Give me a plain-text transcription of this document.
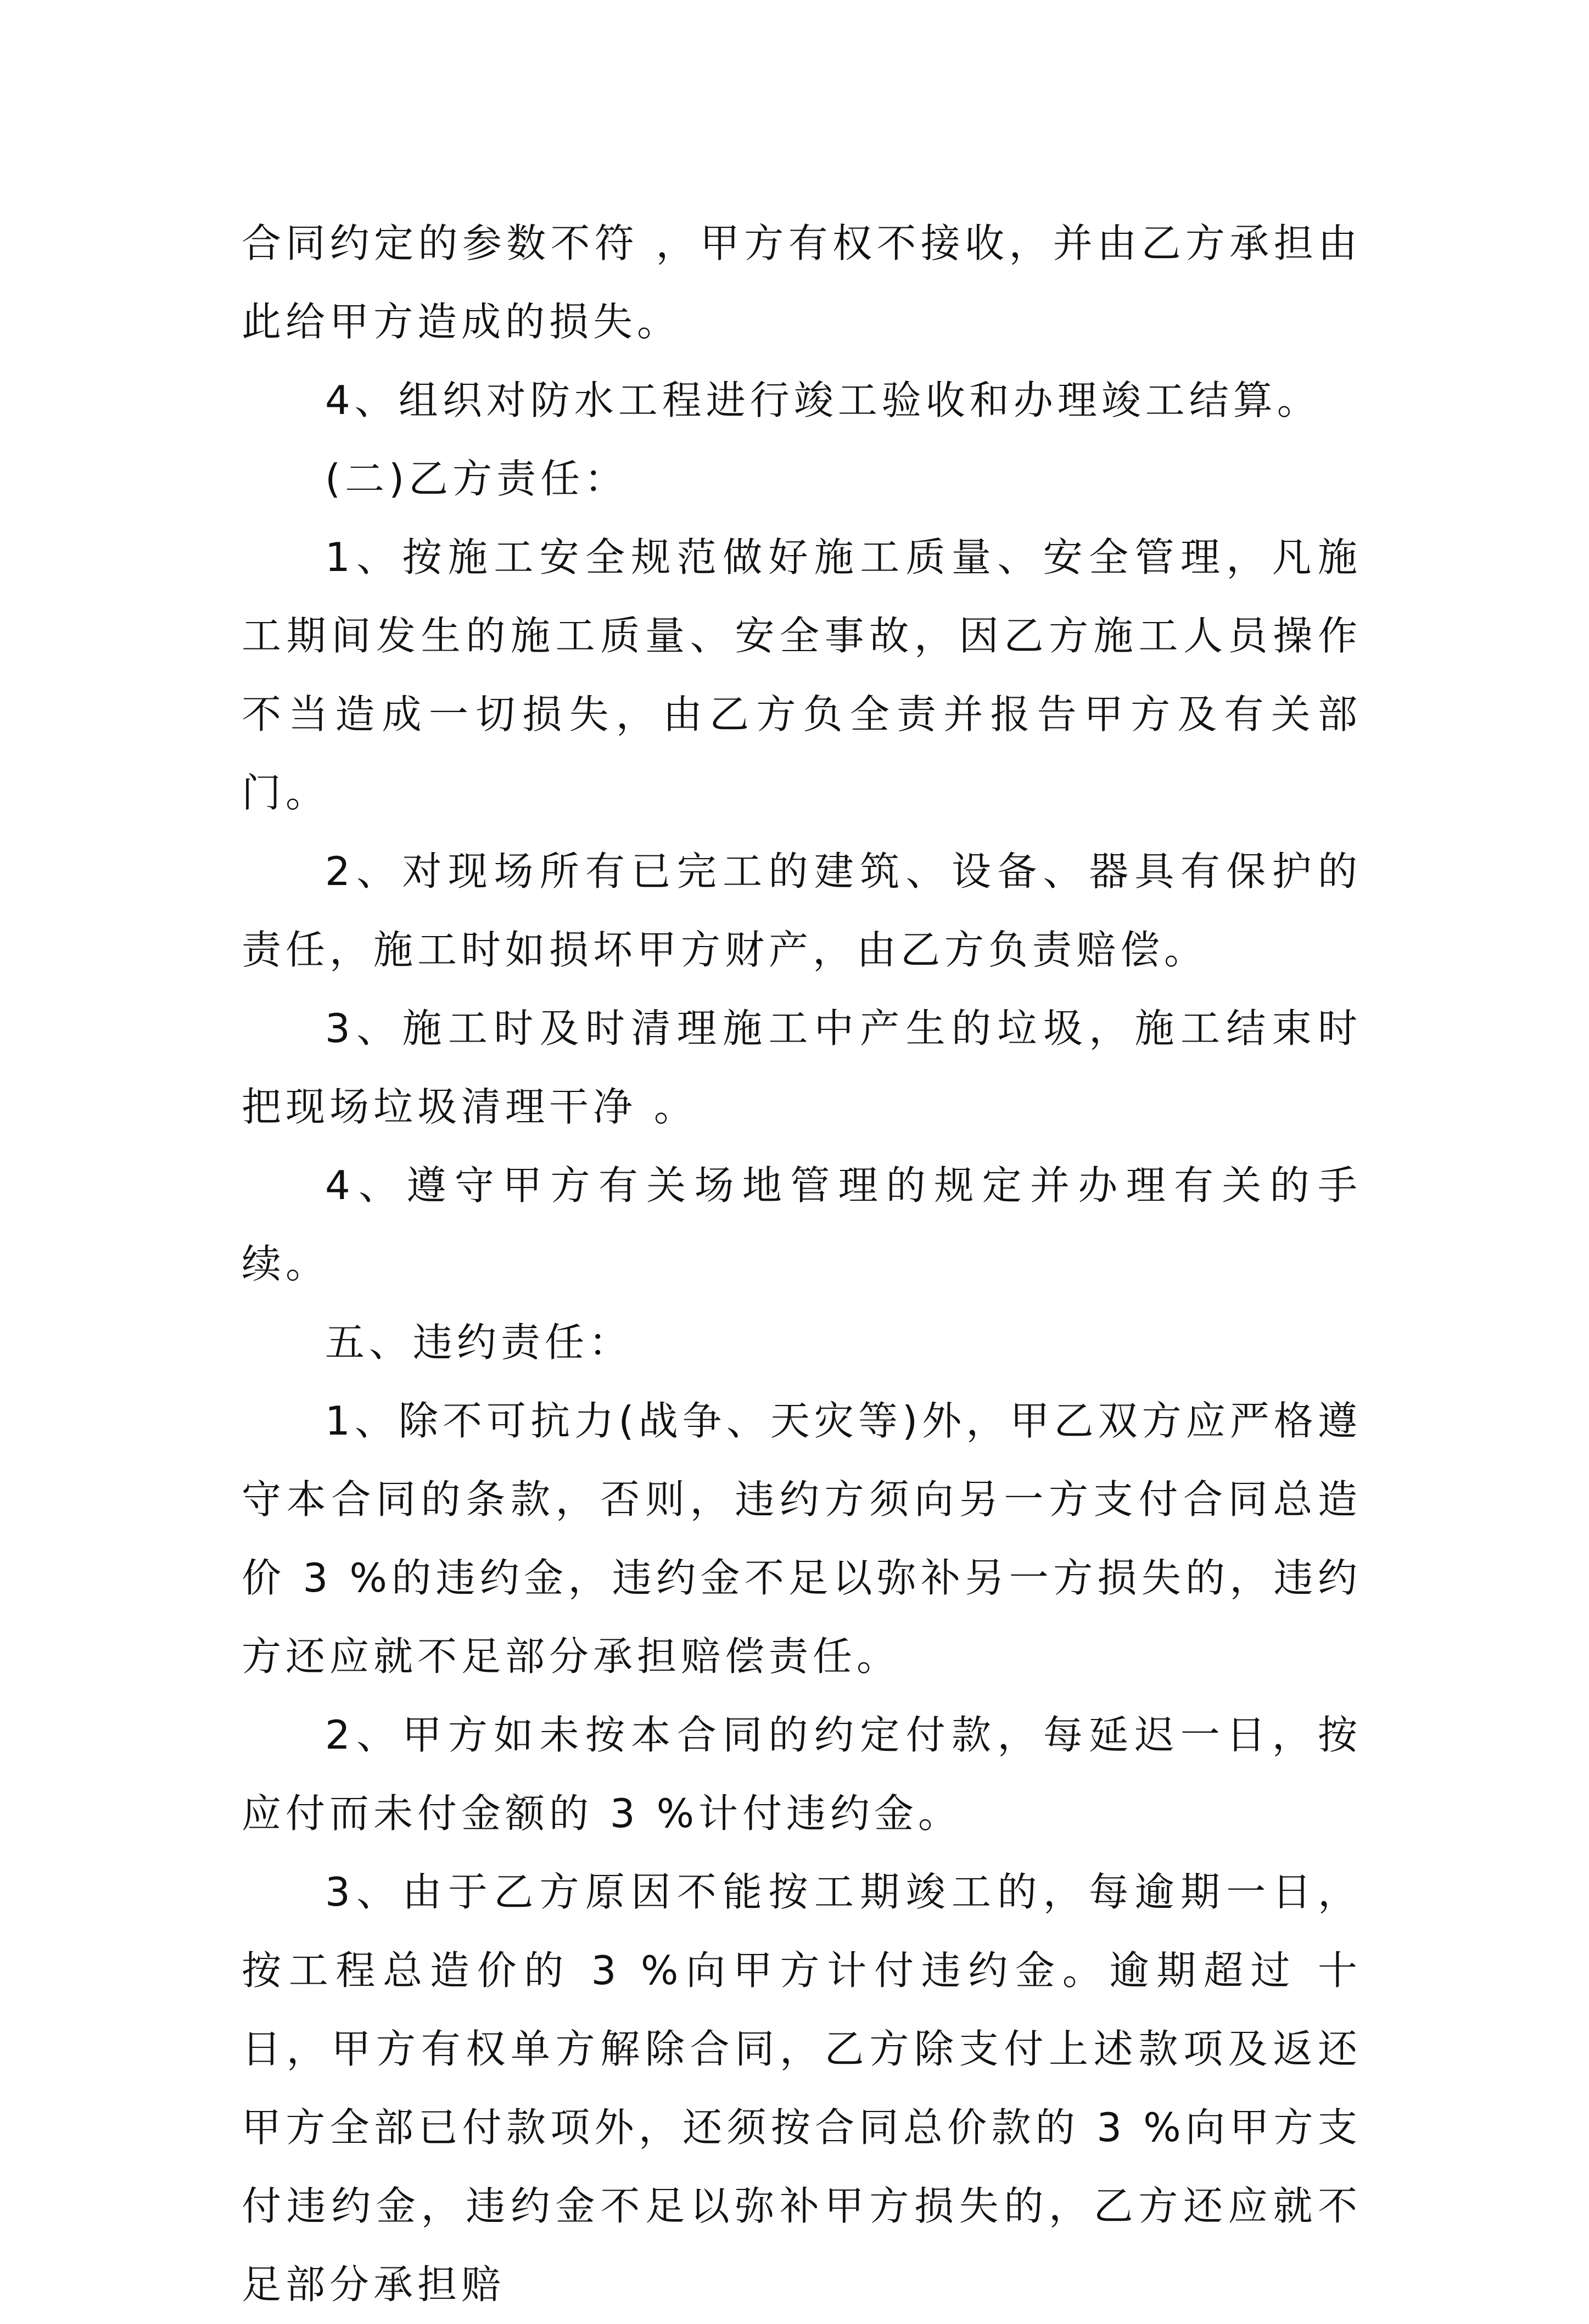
合同约定的参数不符 ，甲方有权不接收，并由乙方承担由此给甲方造成的损失。

4、组织对防水工程进行竣工验收和办理竣工结算。

(二)乙方责任：

1、按施工安全规范做好施工质量、安全管理，凡施工期间发生的施工质量、安全事故，因乙方施工人员操作不当造成一切损失，由乙方负全责并报告甲方及有关部门。

2、对现场所有已完工的建筑、设备、器具有保护的责任，施工时如损坏甲方财产，由乙方负责赔偿。

3、施工时及时清理施工中产生的垃圾，施工结束时把现场垃圾清理干净 。

4、遵守甲方有关场地管理的规定并办理有关的手续。

五、违约责任：

1、除不可抗力(战争、天灾等)外，甲乙双方应严格遵守本合同的条款，否则，违约方须向另一方支付合同总造价 3 %的违约金，违约金不足以弥补另一方损失的，违约方还应就不足部分承担赔偿责任。

2、甲方如未按本合同的约定付款，每延迟一日，按应付而未付金额的 3 %计付违约金。

3、由于乙方原因不能按工期竣工的，每逾期一日，按工程总造价的 3 %向甲方计付违约金。逾期超过 十 日，甲方有权单方解除合同，乙方除支付上述款项及返还甲方全部已付款项外，还须按合同总价款的 3 %向甲方支付违约金，违约金不足以弥补甲方损失的，乙方还应就不足部分承担赔
